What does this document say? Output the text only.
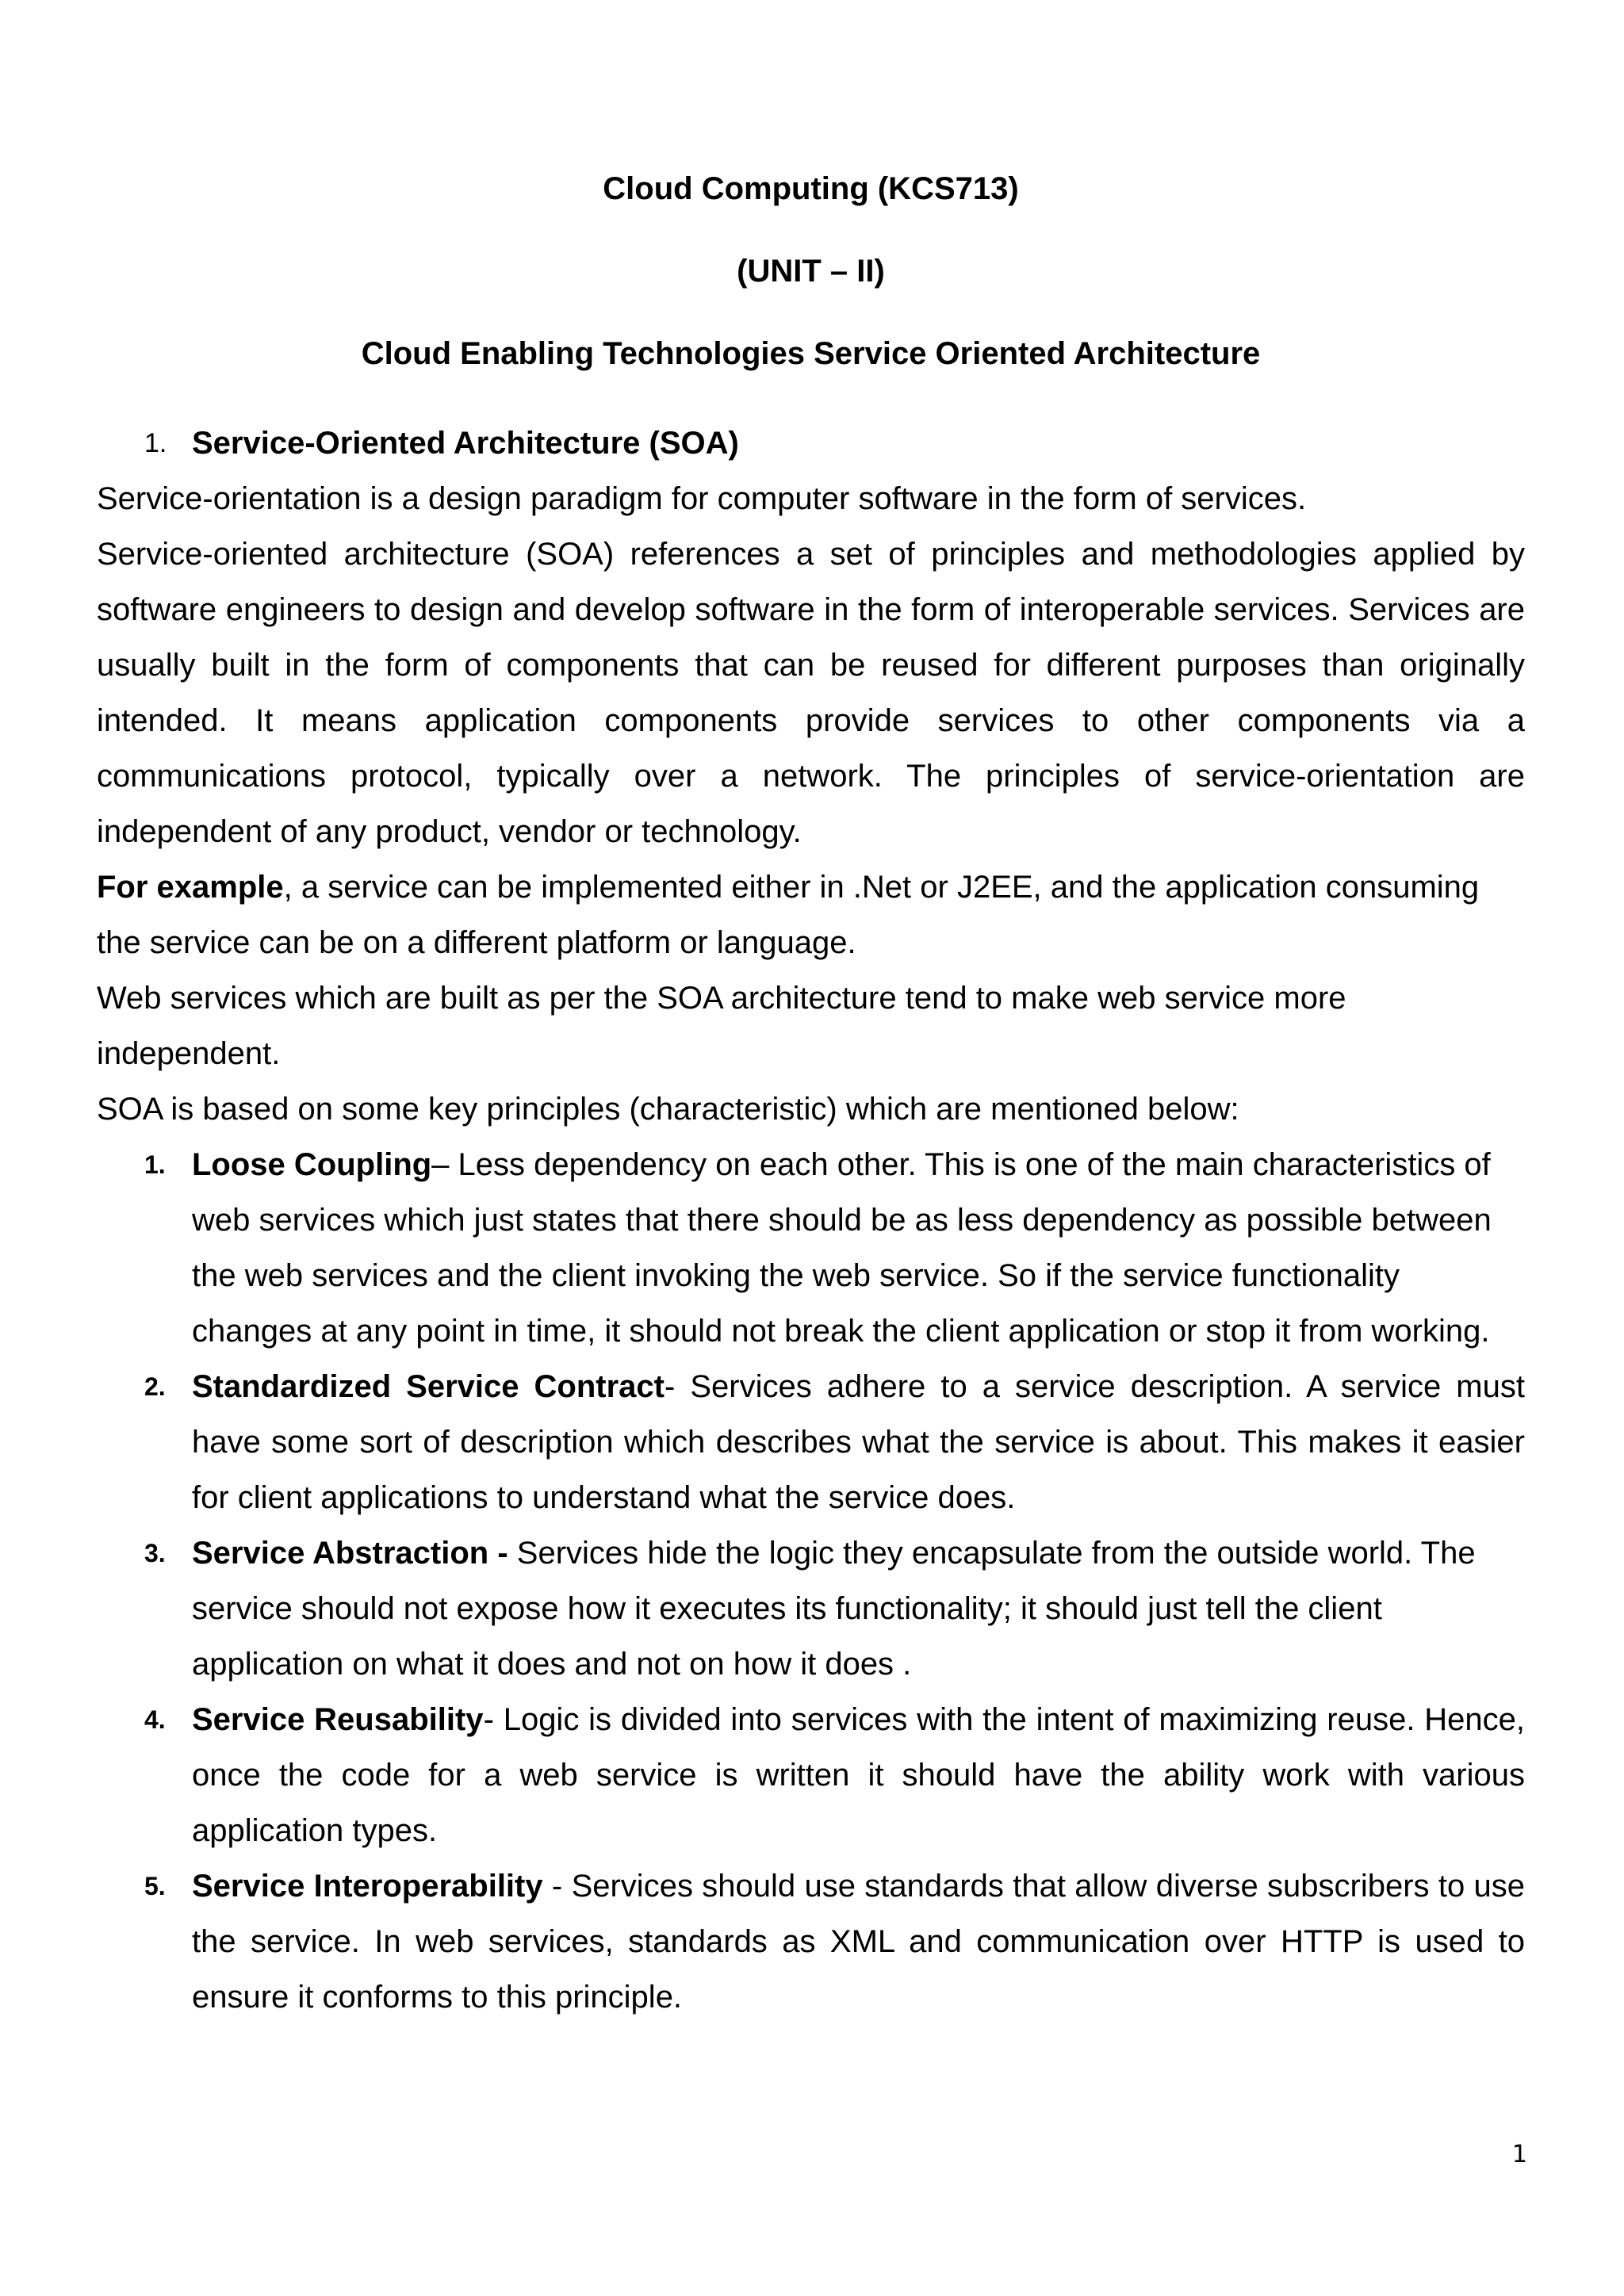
Cloud Computing (KCS713)
(UNIT – II)
Cloud Enabling Technologies Service Oriented Architecture
1. Service-Oriented Architecture (SOA)

Service-orientation is a design paradigm for computer software in the form of services.

Service-oriented architecture (SOA) references a set of principles and methodologies applied by software engineers to design and develop software in the form of interoperable services. Services are usually built in the form of components that can be reused for different purposes than originally intended. It means application components provide services to other components via a communications protocol, typically over a network. The principles of service-orientation are independent of any product, vendor or technology.

For example, a service can be implemented either in .Net or J2EE, and the application consuming the service can be on a different platform or language.

Web services which are built as per the SOA architecture tend to make web service more independent.

SOA is based on some key principles (characteristic) which are mentioned below:

1. Loose Coupling– Less dependency on each other. This is one of the main characteristics of web services which just states that there should be as less dependency as possible between the web services and the client invoking the web service. So if the service functionality changes at any point in time, it should not break the client application or stop it from working.
2. Standardized Service Contract- Services adhere to a service description. A service must have some sort of description which describes what the service is about. This makes it easier for client applications to understand what the service does.
3. Service Abstraction - Services hide the logic they encapsulate from the outside world. The service should not expose how it executes its functionality; it should just tell the client application on what it does and not on how it does .
4. Service Reusability- Logic is divided into services with the intent of maximizing reuse. Hence, once the code for a web service is written it should have the ability work with various application types.
5. Service Interoperability - Services should use standards that allow diverse subscribers to use the service. In web services, standards as XML and communication over HTTP is used to ensure it conforms to this principle.
1
